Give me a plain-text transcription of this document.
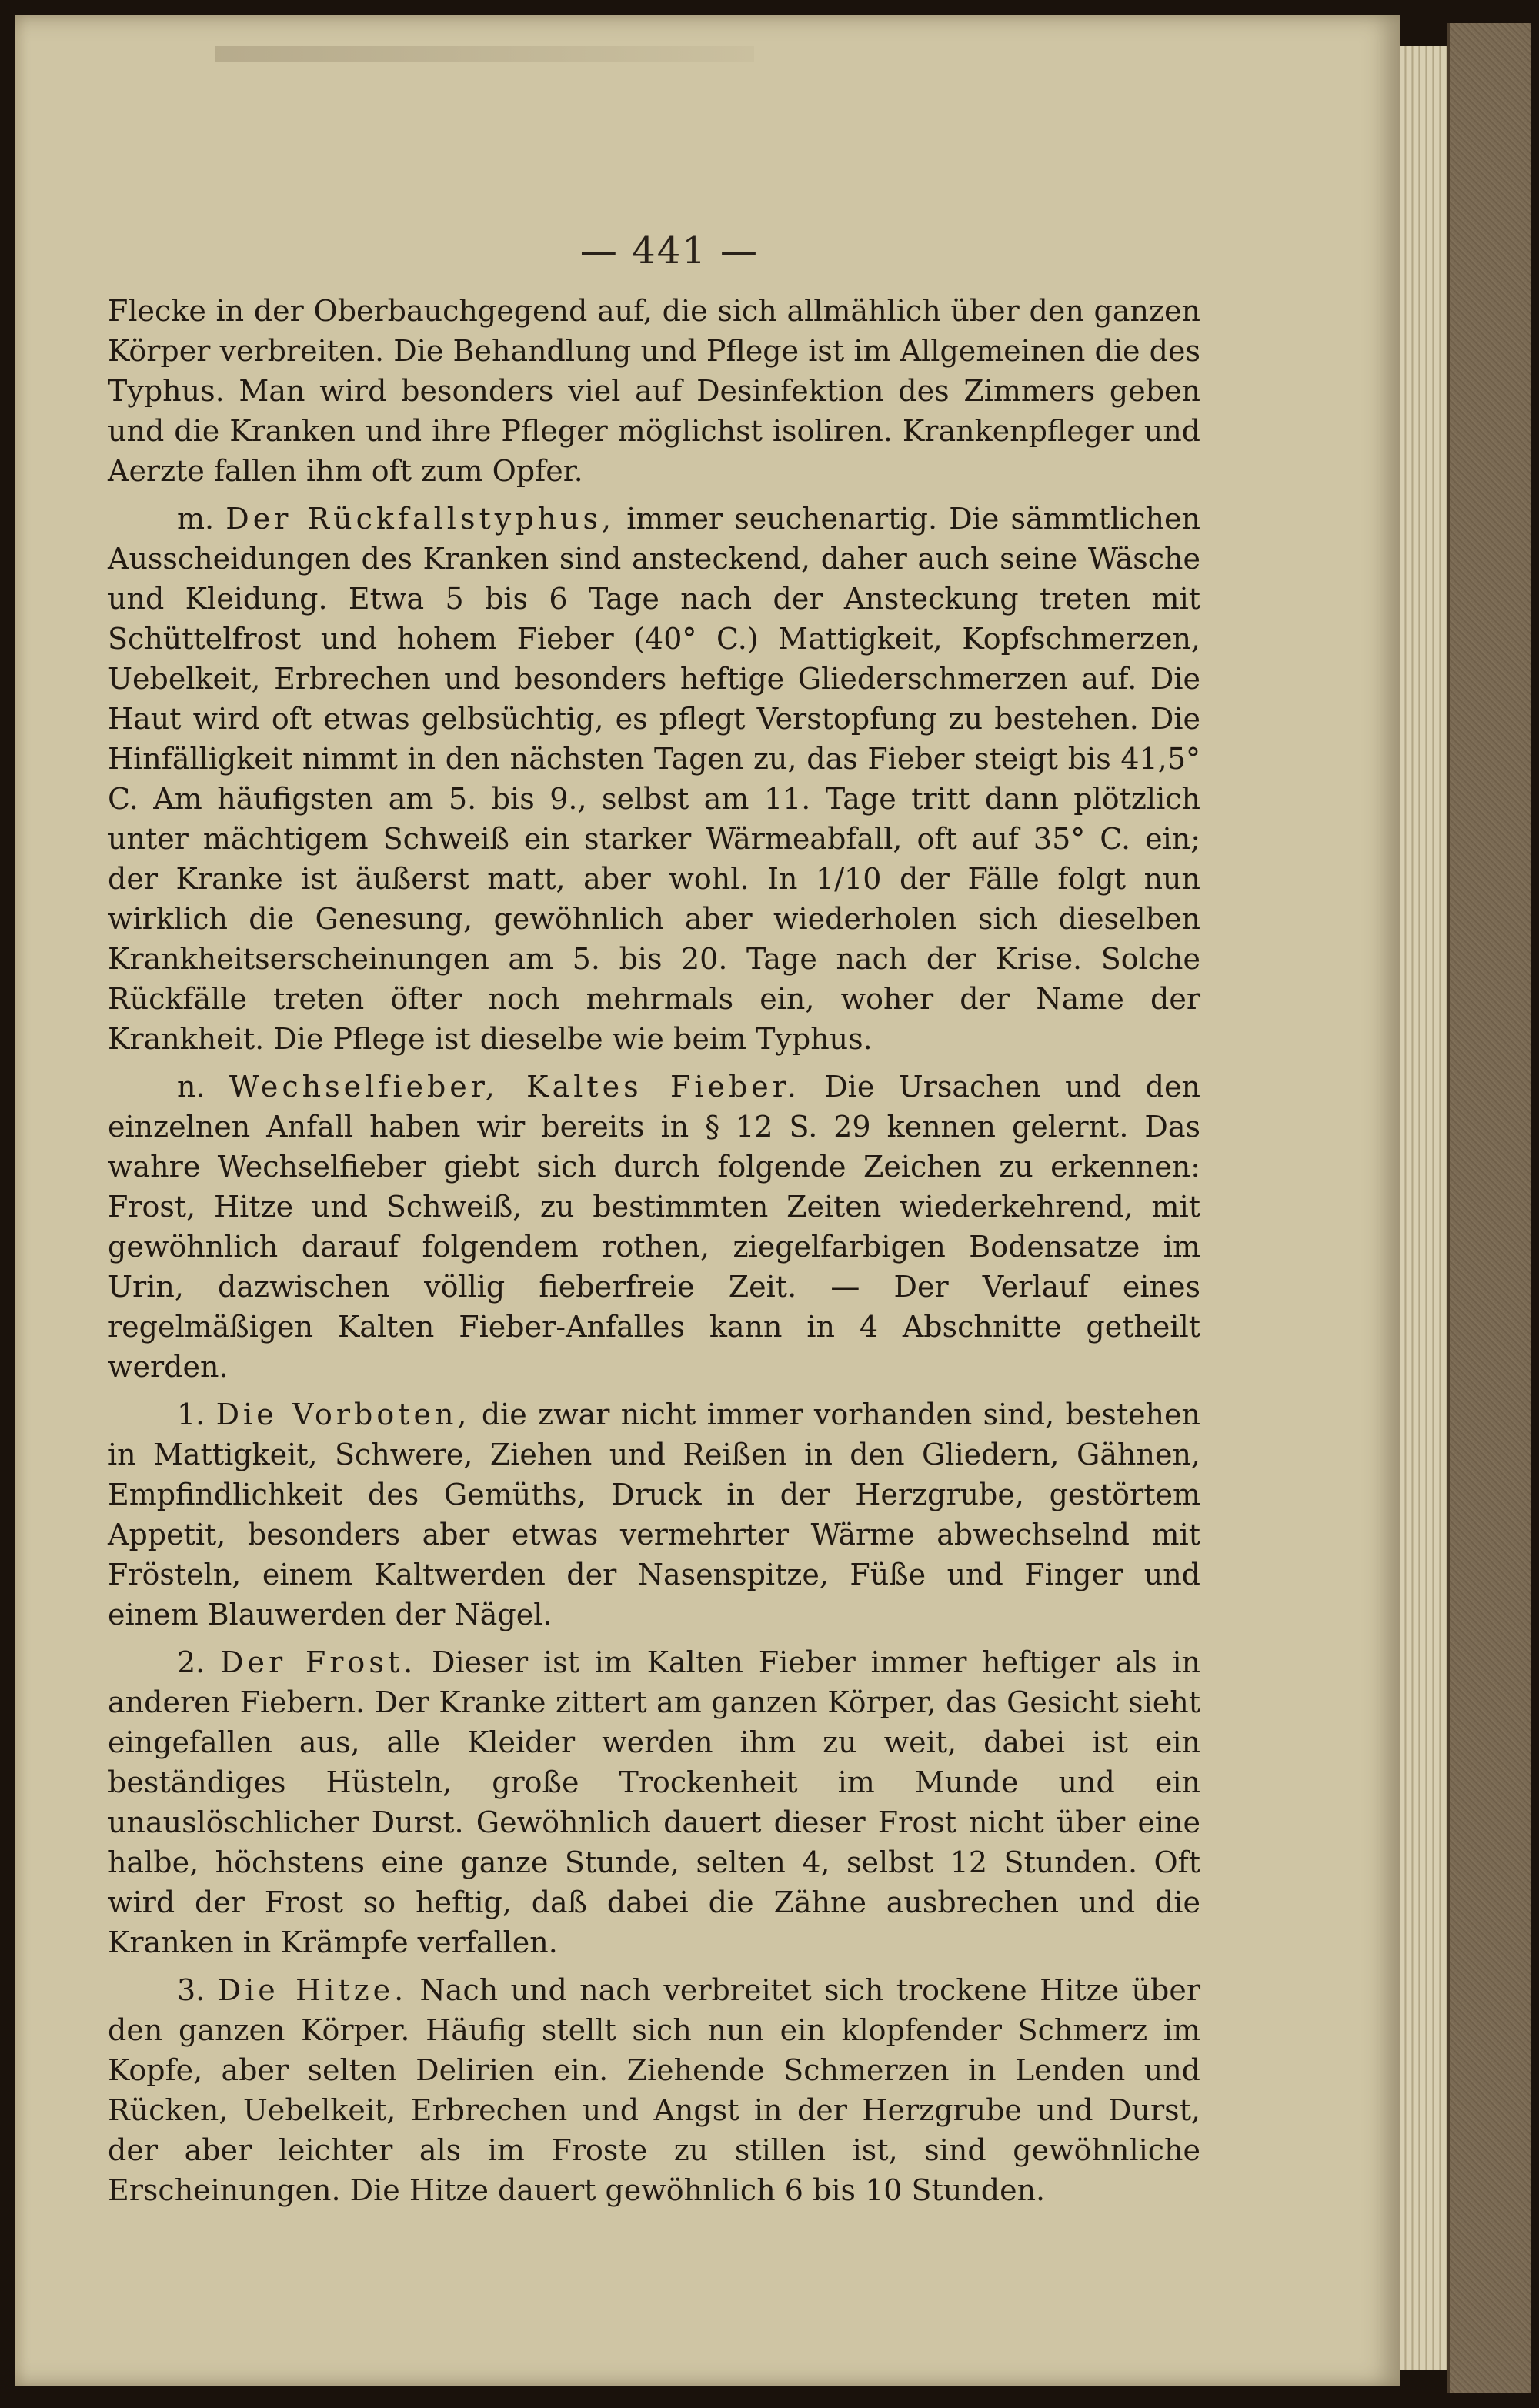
— 441 —

Flecke in der Oberbauchgegend auf, die sich allmählich über den ganzen Körper verbreiten. Die Behandlung und Pflege ist im Allgemeinen die des Typhus. Man wird besonders viel auf Desinfektion des Zimmers geben und die Kranken und ihre Pfleger möglichst isoliren. Krankenpfleger und Aerzte fallen ihm oft zum Opfer.

m. Der Rückfallstyphus, immer seuchenartig. Die sämmtlichen Ausscheidungen des Kranken sind ansteckend, daher auch seine Wäsche und Kleidung. Etwa 5 bis 6 Tage nach der Ansteckung treten mit Schüttelfrost und hohem Fieber (40° C.) Mattigkeit, Kopfschmerzen, Uebelkeit, Erbrechen und besonders heftige Gliederschmerzen auf. Die Haut wird oft etwas gelbsüchtig, es pflegt Verstopfung zu bestehen. Die Hinfälligkeit nimmt in den nächsten Tagen zu, das Fieber steigt bis 41,5° C. Am häufigsten am 5. bis 9., selbst am 11. Tage tritt dann plötzlich unter mächtigem Schweiß ein starker Wärmeabfall, oft auf 35° C. ein; der Kranke ist äußerst matt, aber wohl. In 1/10 der Fälle folgt nun wirklich die Genesung, gewöhnlich aber wiederholen sich dieselben Krankheitserscheinungen am 5. bis 20. Tage nach der Krise. Solche Rückfälle treten öfter noch mehrmals ein, woher der Name der Krankheit. Die Pflege ist dieselbe wie beim Typhus.

n. Wechselfieber, Kaltes Fieber. Die Ursachen und den einzelnen Anfall haben wir bereits in § 12 S. 29 kennen gelernt. Das wahre Wechselfieber giebt sich durch folgende Zeichen zu erkennen: Frost, Hitze und Schweiß, zu bestimmten Zeiten wiederkehrend, mit gewöhnlich darauf folgendem rothen, ziegelfarbigen Bodensatze im Urin, dazwischen völlig fieberfreie Zeit. — Der Verlauf eines regelmäßigen Kalten Fieber-Anfalles kann in 4 Abschnitte getheilt werden.

1. Die Vorboten, die zwar nicht immer vorhanden sind, bestehen in Mattigkeit, Schwere, Ziehen und Reißen in den Gliedern, Gähnen, Empfindlichkeit des Gemüths, Druck in der Herzgrube, gestörtem Appetit, besonders aber etwas vermehrter Wärme abwechselnd mit Frösteln, einem Kaltwerden der Nasenspitze, Füße und Finger und einem Blauwerden der Nägel.

2. Der Frost. Dieser ist im Kalten Fieber immer heftiger als in anderen Fiebern. Der Kranke zittert am ganzen Körper, das Gesicht sieht eingefallen aus, alle Kleider werden ihm zu weit, dabei ist ein beständiges Hüsteln, große Trockenheit im Munde und ein unauslöschlicher Durst. Gewöhnlich dauert dieser Frost nicht über eine halbe, höchstens eine ganze Stunde, selten 4, selbst 12 Stunden. Oft wird der Frost so heftig, daß dabei die Zähne ausbrechen und die Kranken in Krämpfe verfallen.

3. Die Hitze. Nach und nach verbreitet sich trockene Hitze über den ganzen Körper. Häufig stellt sich nun ein klopfender Schmerz im Kopfe, aber selten Delirien ein. Ziehende Schmerzen in Lenden und Rücken, Uebelkeit, Erbrechen und Angst in der Herzgrube und Durst, der aber leichter als im Froste zu stillen ist, sind gewöhnliche Erscheinungen. Die Hitze dauert gewöhnlich 6 bis 10 Stunden.
